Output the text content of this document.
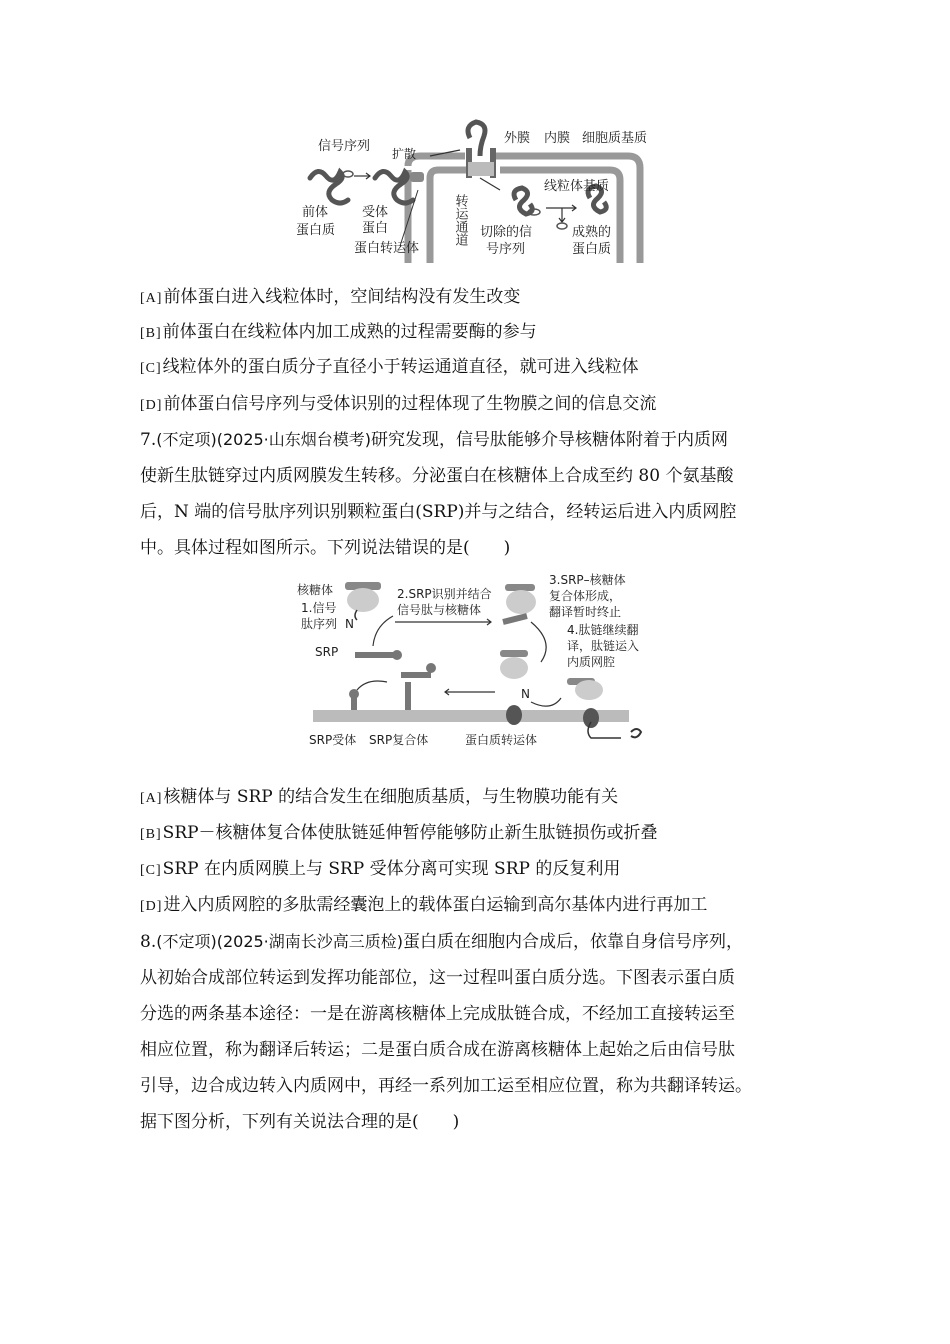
信号序列 扩散
外膜 内膜 细胞质基质
线粒体基质
前体
蛋白质
受体
蛋白
蛋白转运体
转运通道 切除的信
号序列
成熟的
蛋白质
[A]前体蛋白进入线粒体时，空间结构没有发生改变
[B]前体蛋白在线粒体内加工成熟的过程需要酶的参与
[C]线粒体外的蛋白质分子直径小于转运通道直径，就可进入线粒体
[D]前体蛋白信号序列与受体识别的过程体现了生物膜之间的信息交流

7.(不定项)(2025·山东烟台模考)研究发现，信号肽能够介导核糖体附着于内质网

使新生肽链穿过内质网膜发生转移。分泌蛋白在核糖体上合成至约 80 个氨基酸

后，N 端的信号肽序列识别颗粒蛋白(SRP)并与之结合，经转运后进入内质网腔

中。具体过程如图所示。下列说法错误的是(　　)

核糖体
1.信号
肽序列 N
SRP
2.SRP识别并结合
信号肽与核糖体
3.SRP–核糖体
复合体形成，
翻译暂时终止
4.肽链继续翻
译，肽链运入
内质网腔
N
SRP受体 SRP复合体	蛋白质转运体
[A]核糖体与 SRP 的结合发生在细胞质基质，与生物膜功能有关
[B]SRP－核糖体复合体使肽链延伸暂停能够防止新生肽链损伤或折叠
[C]SRP 在内质网膜上与 SRP 受体分离可实现 SRP 的反复利用
[D]进入内质网腔的多肽需经囊泡上的载体蛋白运输到高尔基体内进行再加工

8.(不定项)(2025·湖南长沙高三质检)蛋白质在细胞内合成后，依靠自身信号序列，

从初始合成部位转运到发挥功能部位，这一过程叫蛋白质分选。下图表示蛋白质

分选的两条基本途径：一是在游离核糖体上完成肽链合成，不经加工直接转运至

相应位置，称为翻译后转运；二是蛋白质合成在游离核糖体上起始之后由信号肽

引导，边合成边转入内质网中，再经一系列加工运至相应位置，称为共翻译转运。

据下图分析，下列有关说法合理的是(　　)
